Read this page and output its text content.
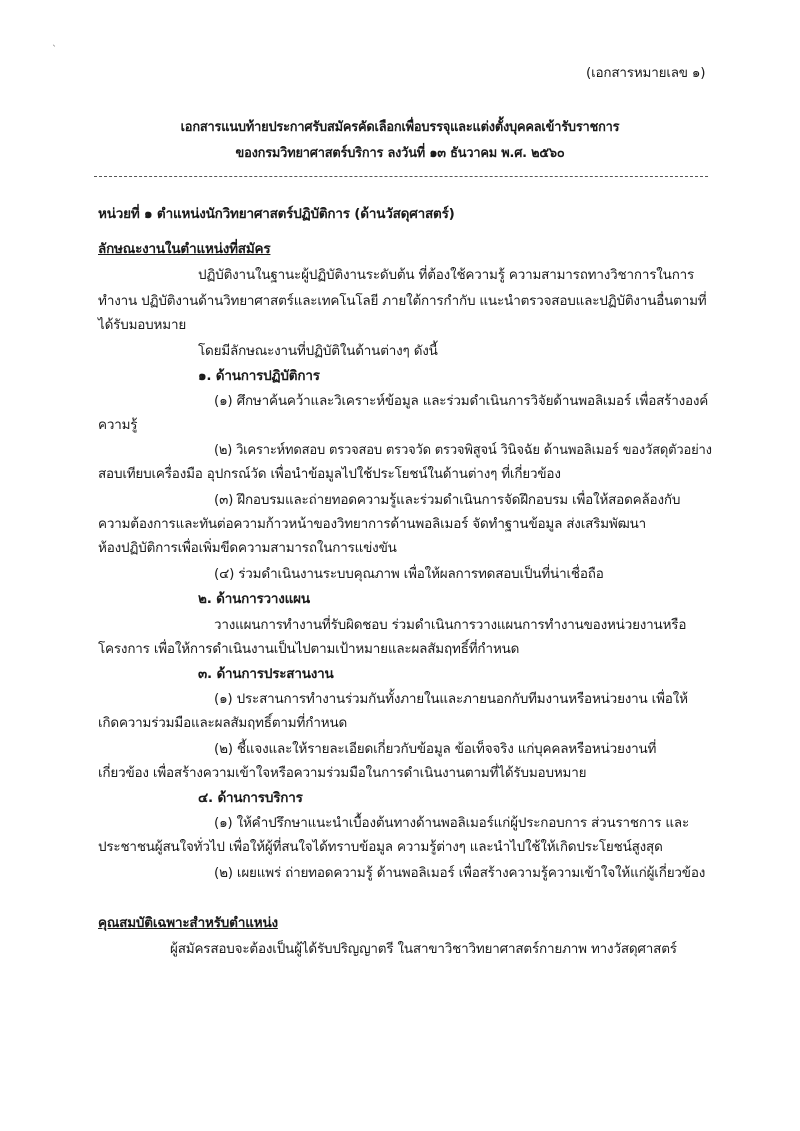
ˎ
(เอกสารหมายเลข ๑)
เอกสารแนบท้ายประกาศรับสมัครคัดเลือกเพื่อบรรจุและแต่งตั้งบุคคลเข้ารับราชการ
ของกรมวิทยาศาสตร์บริการ ลงวันที่ ๑๓ ธันวาคม พ.ศ. ๒๕๖๐
หน่วยที่ ๑ ตำแหน่งนักวิทยาศาสตร์ปฏิบัติการ (ด้านวัสดุศาสตร์)
ลักษณะงานในตำแหน่งที่สมัคร
ปฏิบัติงานในฐานะผู้ปฏิบัติงานระดับต้น ที่ต้องใช้ความรู้ ความสามารถทางวิชาการในการ
ทำงาน ปฏิบัติงานด้านวิทยาศาสตร์และเทคโนโลยี ภายใต้การกำกับ แนะนำตรวจสอบและปฏิบัติงานอื่นตามที่
ได้รับมอบหมาย
โดยมีลักษณะงานที่ปฏิบัติในด้านต่างๆ ดังนี้
๑. ด้านการปฏิบัติการ
(๑) ศึกษาค้นคว้าและวิเคราะห์ข้อมูล และร่วมดำเนินการวิจัยด้านพอลิเมอร์ เพื่อสร้างองค์
ความรู้
(๒) วิเคราะห์ทดสอบ ตรวจสอบ ตรวจวัด ตรวจพิสูจน์ วินิจฉัย ด้านพอลิเมอร์ ของวัสดุตัวอย่าง
สอบเทียบเครื่องมือ อุปกรณ์วัด เพื่อนำข้อมูลไปใช้ประโยชน์ในด้านต่างๆ ที่เกี่ยวข้อง
(๓) ฝึกอบรมและถ่ายทอดความรู้และร่วมดำเนินการจัดฝึกอบรม เพื่อให้สอดคล้องกับ
ความต้องการและทันต่อความก้าวหน้าของวิทยาการด้านพอลิเมอร์ จัดทำฐานข้อมูล ส่งเสริมพัฒนา
ห้องปฏิบัติการเพื่อเพิ่มขีดความสามารถในการแข่งขัน
(๔) ร่วมดำเนินงานระบบคุณภาพ เพื่อให้ผลการทดสอบเป็นที่น่าเชื่อถือ
๒. ด้านการวางแผน
วางแผนการทำงานที่รับผิดชอบ ร่วมดำเนินการวางแผนการทำงานของหน่วยงานหรือ
โครงการ เพื่อให้การดำเนินงานเป็นไปตามเป้าหมายและผลสัมฤทธิ์ที่กำหนด
๓. ด้านการประสานงาน
(๑) ประสานการทำงานร่วมกันทั้งภายในและภายนอกกับทีมงานหรือหน่วยงาน เพื่อให้
เกิดความร่วมมือและผลสัมฤทธิ์ตามที่กำหนด
(๒) ชี้แจงและให้รายละเอียดเกี่ยวกับข้อมูล ข้อเท็จจริง แก่บุคคลหรือหน่วยงานที่
เกี่ยวข้อง เพื่อสร้างความเข้าใจหรือความร่วมมือในการดำเนินงานตามที่ได้รับมอบหมาย
๔. ด้านการบริการ
(๑) ให้คำปรึกษาแนะนำเบื้องต้นทางด้านพอลิเมอร์แก่ผู้ประกอบการ ส่วนราชการ และ
ประชาชนผู้สนใจทั่วไป เพื่อให้ผู้ที่สนใจได้ทราบข้อมูล ความรู้ต่างๆ และนำไปใช้ให้เกิดประโยชน์สูงสุด
(๒) เผยแพร่ ถ่ายทอดความรู้ ด้านพอลิเมอร์ เพื่อสร้างความรู้ความเข้าใจให้แก่ผู้เกี่ยวข้อง
คุณสมบัติเฉพาะสำหรับตำแหน่ง
ผู้สมัครสอบจะต้องเป็นผู้ได้รับปริญญาตรี ในสาขาวิชาวิทยาศาสตร์กายภาพ ทางวัสดุศาสตร์
